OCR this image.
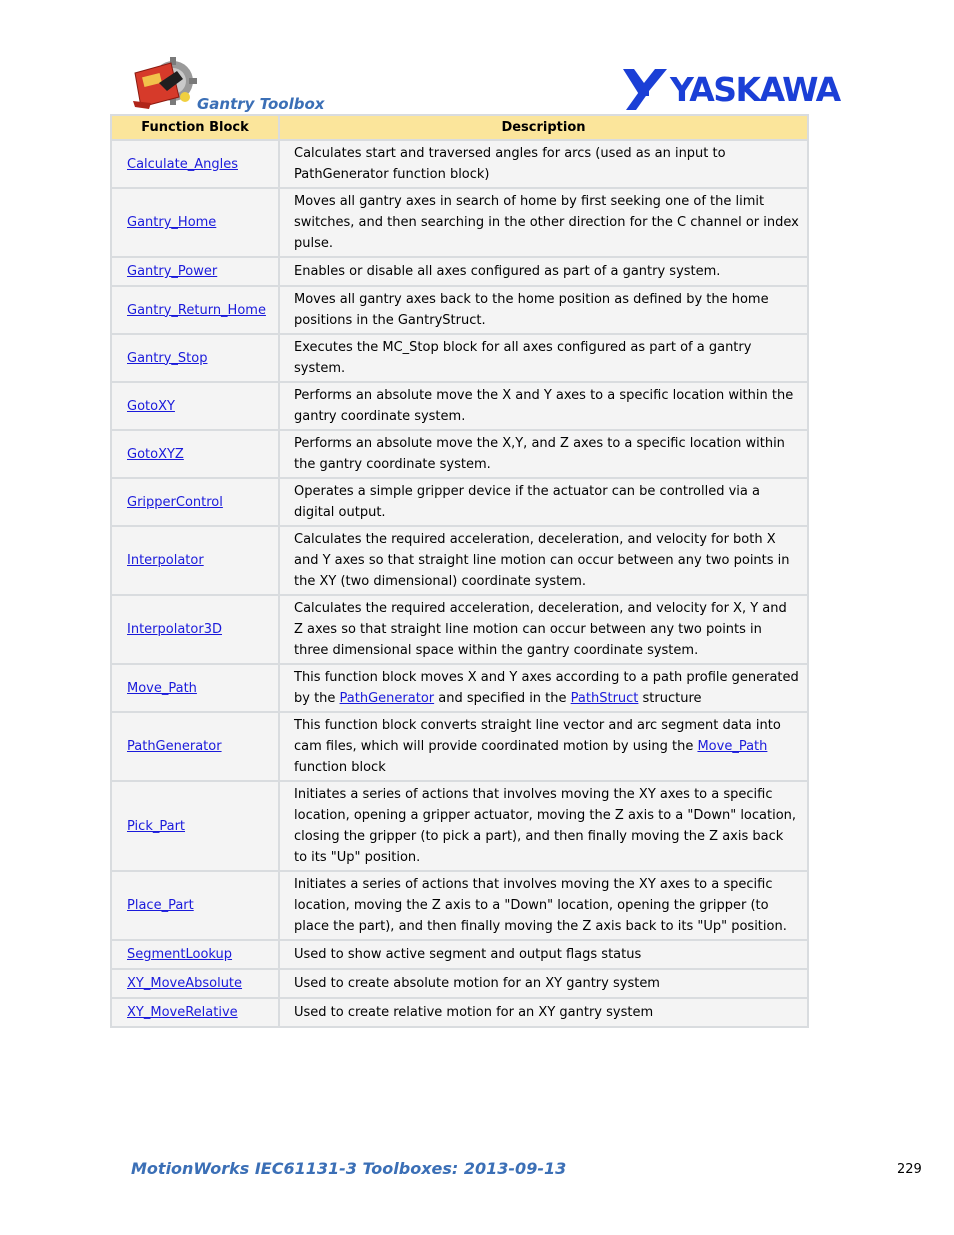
Gantry Toolbox	YASKAWA
Function Block	Description
Calculate_Angles	Calculates start and traversed angles for arcs (used as an input to PathGenerator function block)
Gantry_Home	Moves all gantry axes in search of home by first seeking one of the limit switches, and then searching in the other direction for the C channel or index pulse.
Gantry_Power	Enables or disable all axes configured as part of a gantry system.
Gantry_Return_Home	Moves all gantry axes back to the home position as defined by the home positions in the GantryStruct.
Gantry_Stop	Executes the MC_Stop block for all axes configured as part of a gantry system.
GotoXY	Performs an absolute move the X and Y axes to a specific location within the gantry coordinate system.
GotoXYZ	Performs an absolute move the X,Y, and Z axes to a specific location within the gantry coordinate system.
GripperControl	Operates a simple gripper device if the actuator can be controlled via a digital output.
Interpolator	Calculates the required acceleration, deceleration, and velocity for both X and Y axes so that straight line motion can occur between any two points in the XY (two dimensional) coordinate system.
Interpolator3D	Calculates the required acceleration, deceleration, and velocity for X, Y and Z axes so that straight line motion can occur between any two points in three dimensional space within the gantry coordinate system.
Move_Path	This function block moves X and Y axes according to a path profile generated by the PathGenerator and specified in the PathStruct structure
PathGenerator	This function block converts straight line vector and arc segment data into cam files, which will provide coordinated motion by using the Move_Path function block
Pick_Part	Initiates a series of actions that involves moving the XY axes to a specific location, opening a gripper actuator, moving the Z axis to a "Down" location, closing the gripper (to pick a part), and then finally moving the Z axis back to its "Up" position.
Place_Part	Initiates a series of actions that involves moving the XY axes to a specific location, moving the Z axis to a "Down" location, opening the gripper (to place the part), and then finally moving the Z axis back to its "Up" position.
SegmentLookup	Used to show active segment and output flags status
XY_MoveAbsolute	Used to create absolute motion for an XY gantry system
XY_MoveRelative	Used to create relative motion for an XY gantry system
MotionWorks IEC61131-3 Toolboxes: 2013-09-13	229
